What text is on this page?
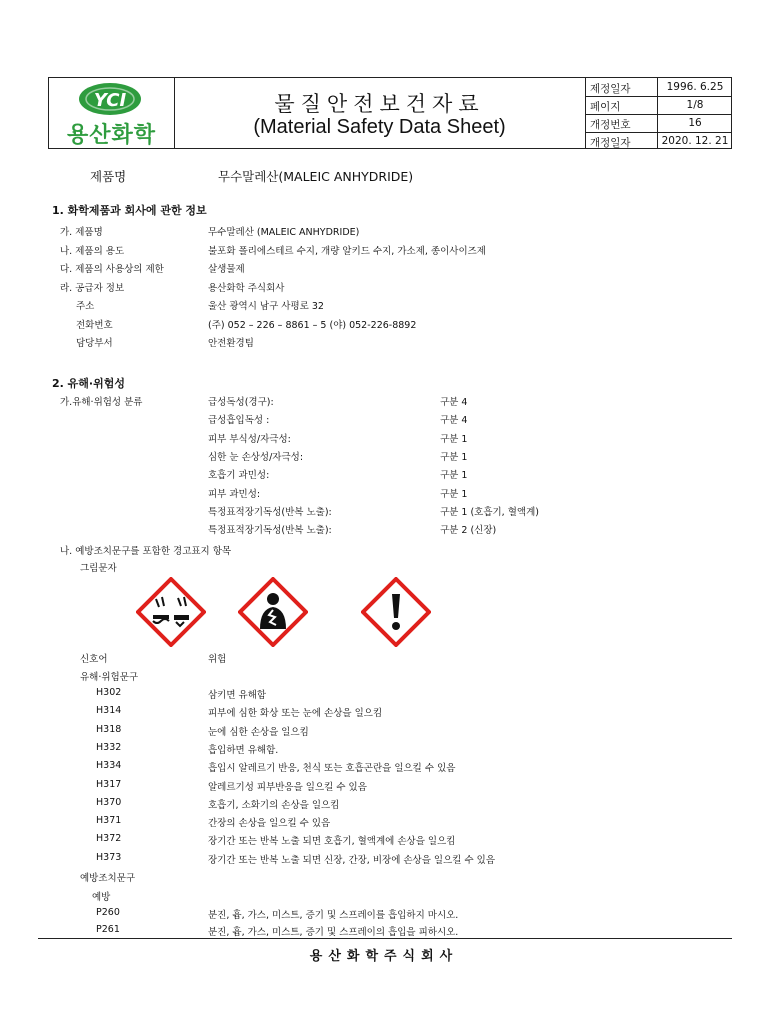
YCI
용산화학
물질안전보건자료
(Material Safety Data Sheet)
제정일자	1996. 6.25
페이지	1/8
개정번호	16
개정일자	2020. 12. 21
제품명	무수말레산(MALEIC ANHYDRIDE)
1. 화학제품과 회사에 관한 정보
가. 제품명	무수말레산 (MALEIC ANHYDRIDE)
나. 제품의 용도	불포화 폴리에스테르 수지, 개량 알키드 수지, 가소제, 종이사이즈제
다. 제품의 사용상의 제한	살생물제
라. 공급자 정보	용산화학 주식회사
주소	울산 광역시 남구 사평로 32
전화번호	(주) 052 – 226 – 8861 – 5 (야) 052-226-8892
담당부서	안전환경팀
2. 유해·위험성
가.유해·위험성 분류	급성독성(경구):	구분 4
급성흡입독성 :	구분 4
피부 부식성/자극성:	구분 1
심한 눈 손상성/자극성:	구분 1
호흡기 과민성:	구분 1
피부 과민성:	구분 1
특정표적장기독성(반복 노출):	구분 1 (호흡기, 혈액계)
특정표적장기독성(반복 노출):	구분 2 (신장)
나. 예방조치문구를 포함한 경고표지 항목
그림문자
신호어	위험
유해·위험문구
H302	삼키면 유해함
H314	피부에 심한 화상 또는 눈에 손상을 일으킴
H318	눈에 심한 손상을 일으킴
H332	흡입하면 유해함.
H334	흡입시 알레르기 반응, 천식 또는 호흡곤란을 일으킬 수 있음
H317	알레르기성 피부반응을 일으킬 수 있음
H370	호흡기, 소화기의 손상을 일으킴
H371	간장의 손상을 일으킬 수 있음
H372	장기간 또는 반복 노출 되면 호흡기, 혈액계에 손상을 일으킴
H373	장기간 또는 반복 노출 되면 신장, 간장, 비장에 손상을 일으킬 수 있음
예방조치문구
예방
P260	분진, 흄, 가스, 미스트, 증기 및 스프레이를 흡입하지 마시오.
P261	분진, 흄, 가스, 미스트, 증기 및 스프레이의 흡입을 피하시오.
용산화학주식회사
